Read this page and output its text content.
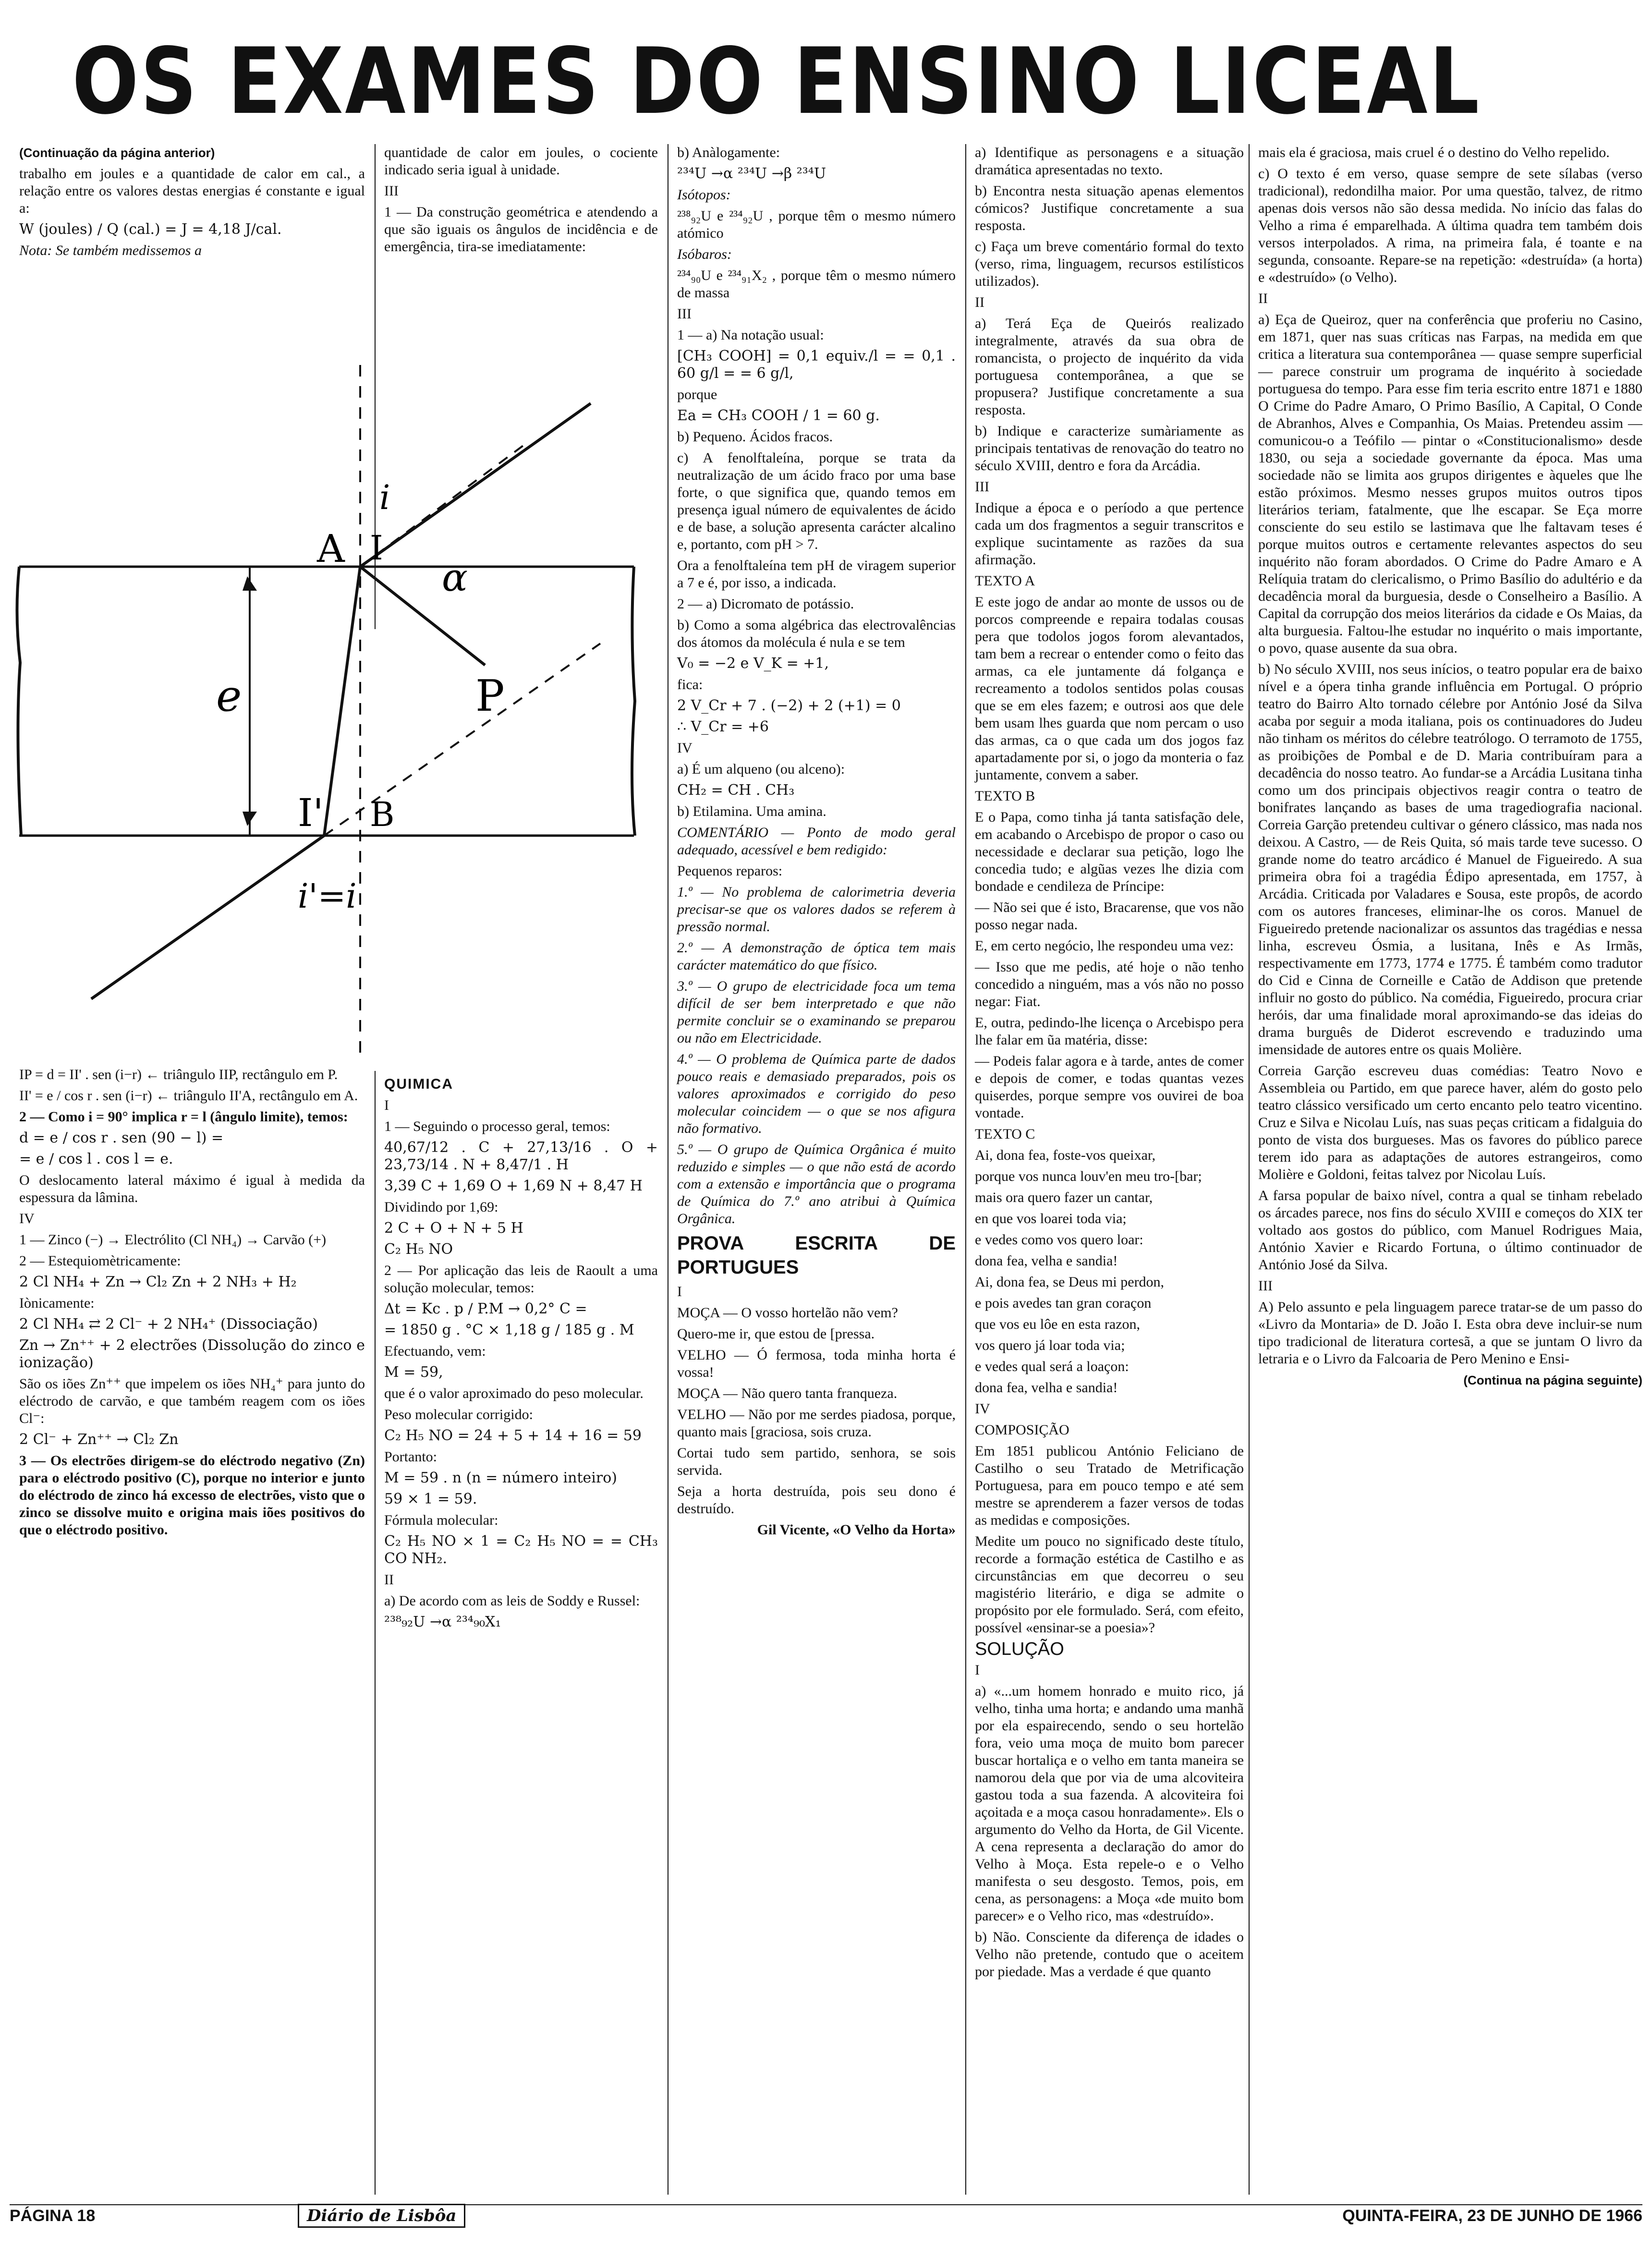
OS EXAMES DO ENSINO LICEAL

(Continuação da página anterior)

trabalho em joules e a quantidade de calor em cal., a relação entre os valores destas energias é constante e igual a:

W (joules) / Q (cal.) = J = 4,18 J/cal.

Nota: Se também medissemos a

i
A I
α
e	P
I' B
i'=i

IP = d = II' . sen (i−r) ← triângulo IIP, rectângulo em P.

II' = e / cos r . sen (i−r) ← triângulo II'A, rectângulo em A.

2 — Como i = 90° implica r = l (ângulo limite), temos:

d = e / cos r . sen (90 − l) =

= e / cos l . cos l = e.

O deslocamento lateral máximo é igual à medida da espessura da lâmina.

IV

1 — Zinco (−) → Electrólito (Cl NH₄) → Carvão (+)

2 — Estequiomètricamente:

2 Cl NH₄ + Zn → Cl₂ Zn + 2 NH₃ + H₂

Iònicamente:

2 Cl NH₄ ⇄ 2 Cl⁻ + 2 NH₄⁺ (Dissociação)

Zn → Zn⁺⁺ + 2 electrões (Dissolução do zinco e ionização)

São os iões Zn⁺⁺ que impelem os iões NH₄⁺ para junto do eléctrodo de carvão, e que também reagem com os iões Cl⁻:

2 Cl⁻ + Zn⁺⁺ → Cl₂ Zn

3 — Os electrões dirigem-se do eléctrodo negativo (Zn) para o eléctrodo positivo (C), porque no interior e junto do eléctrodo de zinco há excesso de electrões, visto que o zinco se dissolve muito e origina mais iões positivos do que o eléctrodo positivo.

quantidade de calor em joules, o cociente indicado seria igual à unidade.

III

1 — Da construção geométrica e atendendo a que são iguais os ângulos de incidência e de emergência, tira-se imediatamente:

QUIMICA

I

1 — Seguindo o processo geral, temos:

40,67/12 . C + 27,13/16 . O + 23,73/14 . N + 8,47/1 . H

3,39 C + 1,69 O + 1,69 N + 8,47 H

Dividindo por 1,69:

2 C + O + N + 5 H

C₂ H₅ NO

2 — Por aplicação das leis de Raoult a uma solução molecular, temos:

Δt = Kc . p / P.M → 0,2° C =

= 1850 g . °C × 1,18 g / 185 g . M

Efectuando, vem:

M = 59,

que é o valor aproximado do peso molecular.

Peso molecular corrigido:

C₂ H₅ NO = 24 + 5 + 14 + 16 = 59

Portanto:

M = 59 . n (n = número inteiro)

59 × 1 = 59.

Fórmula molecular:

C₂ H₅ NO × 1 = C₂ H₅ NO = = CH₃ CO NH₂.

II

a) De acordo com as leis de Soddy e Russel:

²³⁸₉₂U →α ²³⁴₉₀X₁

b) Anàlogamente:

²³⁴U →α ²³⁴U →β ²³⁴U

Isótopos:

²³⁸₉₂U e ²³⁴₉₂U , porque têm o mesmo número atómico

Isóbaros:

²³⁴₉₀U e ²³⁴₉₁X₂ , porque têm o mesmo número de massa

III

1 — a) Na notação usual:

[CH₃ COOH] = 0,1 equiv./l = = 0,1 . 60 g/l = = 6 g/l,

porque

Ea = CH₃ COOH / 1 = 60 g.

b) Pequeno. Ácidos fracos.

c) A fenolftaleína, porque se trata da neutralização de um ácido fraco por uma base forte, o que significa que, quando temos em presença igual número de equivalentes de ácido e de base, a solução apresenta carácter alcalino e, portanto, com pH > 7.

Ora a fenolftaleína tem pH de viragem superior a 7 e é, por isso, a indicada.

2 — a) Dicromato de potássio.

b) Como a soma algébrica das electrovalências dos átomos da molécula é nula e se tem

V₀ = −2 e V_K = +1,

fica:

2 V_Cr + 7 . (−2) + 2 (+1) = 0

∴ V_Cr = +6

IV

a) É um alqueno (ou alceno):

CH₂ = CH . CH₃

b) Etilamina. Uma amina.

COMENTÁRIO — Ponto de modo geral adequado, acessível e bem redigido:

Pequenos reparos:

1.º — No problema de calorimetria deveria precisar-se que os valores dados se referem à pressão normal.

2.º — A demonstração de óptica tem mais carácter matemático do que físico.

3.º — O grupo de electricidade foca um tema difícil de ser bem interpretado e que não permite concluir se o examinando se preparou ou não em Electricidade.

4.º — O problema de Química parte de dados pouco reais e demasiado preparados, pois os valores aproximados e corrigido do peso molecular coincidem — o que se nos afigura não formativo.

5.º — O grupo de Química Orgânica é muito reduzido e simples — o que não está de acordo com a extensão e importância que o programa de Química do 7.º ano atribui à Química Orgânica.

PROVA ESCRITA DE PORTUGUES

I

MOÇA — O vosso hortelão não vem?

Quero-me ir, que estou de [pressa.

VELHO — Ó fermosa, toda minha horta é vossa!

MOÇA — Não quero tanta franqueza.

VELHO — Não por me serdes piadosa, porque, quanto mais [graciosa, sois cruza.

Cortai tudo sem partido, senhora, se sois servida.

Seja a horta destruída, pois seu dono é destruído.

Gil Vicente, «O Velho da Horta»

a) Identifique as personagens e a situação dramática apresentadas no texto.

b) Encontra nesta situação apenas elementos cómicos? Justifique concretamente a sua resposta.

c) Faça um breve comentário formal do texto (verso, rima, linguagem, recursos estilísticos utilizados).

II

a) Terá Eça de Queirós realizado integralmente, através da sua obra de romancista, o projecto de inquérito da vida portuguesa contemporânea, a que se propusera? Justifique concretamente a sua resposta.

b) Indique e caracterize sumàriamente as principais tentativas de renovação do teatro no século XVIII, dentro e fora da Arcádia.

III

Indique a época e o período a que pertence cada um dos fragmentos a seguir transcritos e explique sucintamente as razões da sua afirmação.

TEXTO A

E este jogo de andar ao monte de ussos ou de porcos compreende e repaira todalas cousas pera que todolos jogos forom alevantados, tam bem a recrear o entender como o feito das armas, ca ele juntamente dá folgança e recreamento a todolos sentidos polas cousas que se em eles fazem; e outrosi aos que dele bem usam lhes guarda que nom percam o uso das armas, ca o que cada um dos jogos faz apartadamente por si, o jogo da monteria o faz juntamente, convem a saber.

TEXTO B

E o Papa, como tinha já tanta satisfação dele, em acabando o Arcebispo de propor o caso ou necessidade e declarar sua petição, logo lhe concedia tudo; e algũas vezes lhe dizia com bondade e cendileza de Príncipe:

— Não sei que é isto, Bracarense, que vos não posso negar nada.

E, em certo negócio, lhe respondeu uma vez:

— Isso que me pedis, até hoje o não tenho concedido a ninguém, mas a vós não no posso negar: Fiat.

E, outra, pedindo-lhe licença o Arcebispo pera lhe falar em ũa matéria, disse:

— Podeis falar agora e à tarde, antes de comer e depois de comer, e todas quantas vezes quiserdes, porque sempre vos ouvirei de boa vontade.

TEXTO C

Ai, dona fea, foste-vos queixar,

porque vos nunca louv'en meu tro-[bar;

mais ora quero fazer un cantar,

en que vos loarei toda via;

e vedes como vos quero loar:

dona fea, velha e sandia!

Ai, dona fea, se Deus mi perdon,

e pois avedes tan gran coraçon

que vos eu lôe en esta razon,

vos quero já loar toda via;

e vedes qual será a loaçon:

dona fea, velha e sandia!

IV

COMPOSIÇÃO

Em 1851 publicou António Feliciano de Castilho o seu Tratado de Metrificação Portuguesa, para em pouco tempo e até sem mestre se aprenderem a fazer versos de todas as medidas e composições.

Medite um pouco no significado deste título, recorde a formação estética de Castilho e as circunstâncias em que decorreu o seu magistério literário, e diga se admite o propósito por ele formulado. Será, com efeito, possível «ensinar-se a poesia»?

SOLUÇÃO

I

a) «...um homem honrado e muito rico, já velho, tinha uma horta; e andando uma manhã por ela espairecendo, sendo o seu hortelão fora, veio uma moça de muito bom parecer buscar hortaliça e o velho em tanta maneira se namorou dela que por via de uma alcoviteira gastou toda a sua fazenda. A alcoviteira foi açoitada e a moça casou honradamente». Els o argumento do Velho da Horta, de Gil Vicente. A cena representa a declaração do amor do Velho à Moça. Esta repele-o e o Velho manifesta o seu desgosto. Temos, pois, em cena, as personagens: a Moça «de muito bom parecer» e o Velho rico, mas «destruído».

b) Não. Consciente da diferença de idades o Velho não pretende, contudo que o aceitem por piedade. Mas a verdade é que quanto

mais ela é graciosa, mais cruel é o destino do Velho repelido.

c) O texto é em verso, quase sempre de sete sílabas (verso tradicional), redondilha maior. Por uma questão, talvez, de ritmo apenas dois versos não são dessa medida. No início das falas do Velho a rima é emparelhada. A última quadra tem também dois versos interpolados. A rima, na primeira fala, é toante e na segunda, consoante. Repare-se na repetição: «destruída» (a horta) e «destruído» (o Velho).

II

a) Eça de Queiroz, quer na conferência que proferiu no Casino, em 1871, quer nas suas críticas nas Farpas, na medida em que critica a literatura sua contemporânea — quase sempre superficial — parece construir um programa de inquérito à sociedade portuguesa do tempo. Para esse fim teria escrito entre 1871 e 1880 O Crime do Padre Amaro, O Primo Basílio, A Capital, O Conde de Abranhos, Alves e Companhia, Os Maias. Pretendeu assim — comunicou-o a Teófilo — pintar o «Constitucionalismo» desde 1830, ou seja a sociedade governante da época. Mas uma sociedade não se limita aos grupos dirigentes e àqueles que lhe estão próximos. Mesmo nesses grupos muitos outros tipos literários teriam, fatalmente, que lhe escapar. Se Eça morre consciente do seu estilo se lastimava que lhe faltavam teses é porque muitos outros e certamente relevantes aspectos do seu inquérito não foram abordados. O Crime do Padre Amaro e A Relíquia tratam do clericalismo, o Primo Basílio do adultério e da decadência moral da burguesia, desde o Conselheiro a Basílio. A Capital da corrupção dos meios literários da cidade e Os Maias, da alta burguesia. Faltou-lhe estudar no inquérito o mais importante, o povo, quase ausente da sua obra.

b) No século XVIII, nos seus inícios, o teatro popular era de baixo nível e a ópera tinha grande influência em Portugal. O próprio teatro do Bairro Alto tornado célebre por António José da Silva acaba por seguir a moda italiana, pois os continuadores do Judeu não tinham os méritos do célebre teatrólogo. O terramoto de 1755, as proibições de Pombal e de D. Maria contribuíram para a decadência do nosso teatro. Ao fundar-se a Arcádia Lusitana tinha como um dos principais objectivos reagir contra o teatro de bonifrates lançando as bases de uma tragediografia nacional. Correia Garção pretendeu cultivar o género clássico, mas nada nos deixou. A Castro, — de Reis Quita, só mais tarde teve sucesso. O grande nome do teatro arcádico é Manuel de Figueiredo. A sua primeira obra foi a tragédia Édipo apresentada, em 1757, à Arcádia. Criticada por Valadares e Sousa, este propôs, de acordo com os autores franceses, eliminar-lhe os coros. Manuel de Figueiredo pretende nacionalizar os assuntos das tragédias e nessa linha, escreveu Ósmia, a lusitana, Inês e As Irmãs, respectivamente em 1773, 1774 e 1775. É também como tradutor do Cid e Cinna de Corneille e Catão de Addison que pretende influir no gosto do público. Na comédia, Figueiredo, procura criar heróis, dar uma finalidade moral aproximando-se das ideias do drama burguês de Diderot escrevendo e traduzindo uma imensidade de autores entre os quais Molière.

Correia Garção escreveu duas comédias: Teatro Novo e Assembleia ou Partido, em que parece haver, além do gosto pelo teatro clássico versificado um certo encanto pelo teatro vicentino. Cruz e Silva e Nicolau Luís, nas suas peças criticam a fidalguia do ponto de vista dos burgueses. Mas os favores do público parece terem ido para as adaptações de autores estrangeiros, como Molière e Goldoni, feitas talvez por Nicolau Luís.

A farsa popular de baixo nível, contra a qual se tinham rebelado os árcades parece, nos fins do século XVIII e começos do XIX ter voltado aos gostos do público, com Manuel Rodrigues Maia, António Xavier e Ricardo Fortuna, o último continuador de António José da Silva.

III

A) Pelo assunto e pela linguagem parece tratar-se de um passo do «Livro da Montaria» de D. João I. Esta obra deve incluir-se num tipo tradicional de literatura cortesã, a que se juntam O livro da letraria e o Livro da Falcoaria de Pero Menino e Ensi-

(Continua na página seguinte)

PÁGINA 18	Diário de Lisbôa	QUINTA-FEIRA, 23 DE JUNHO DE 1966
